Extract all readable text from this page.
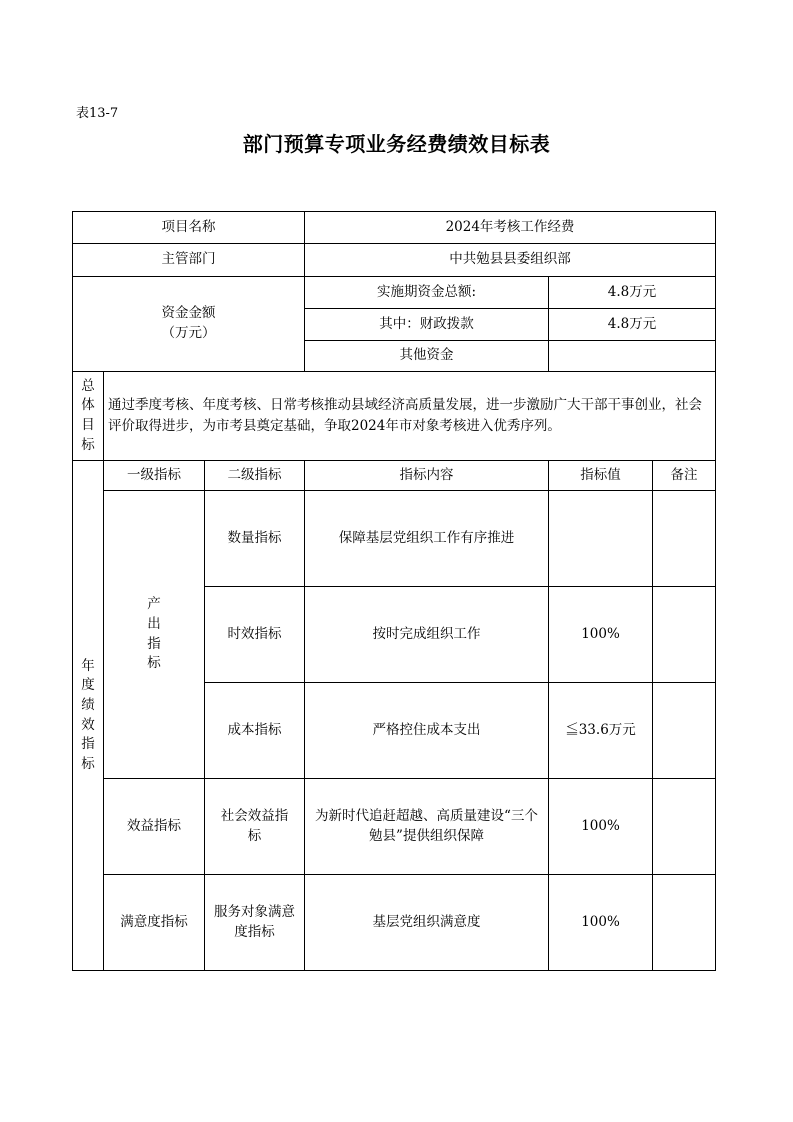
表13-7
部门预算专项业务经费绩效目标表
项目名称			2024年考核工作经费		
主管部门			中共勉县县委组织部		

资金金额
（万元）			实施期资金总额:	4.8万元	
			其中：财政拨款	4.8万元	
			其他资金		

总体目标	通过季度考核、年度考核、日常考核推动县域经济高质量发展，进一步激励广大干部干事创业，社会评价取得进步，为市考县奠定基础，争取2024年市对象考核进入优秀序列。				

年度绩效指标	一级指标	二级指标	指标内容	指标值	备注

	产出指标	数量指标	保障基层党组织工作有序推进		
		时效指标	按时完成组织工作	100%	
		成本指标	严格控住成本支出	≦33.6万元	
	效益指标	社会效益指标	为新时代追赶超越、高质量建设“三个勉县”提供组织保障	100%	
	满意度指标	服务对象满意度指标	基层党组织满意度	100%	
